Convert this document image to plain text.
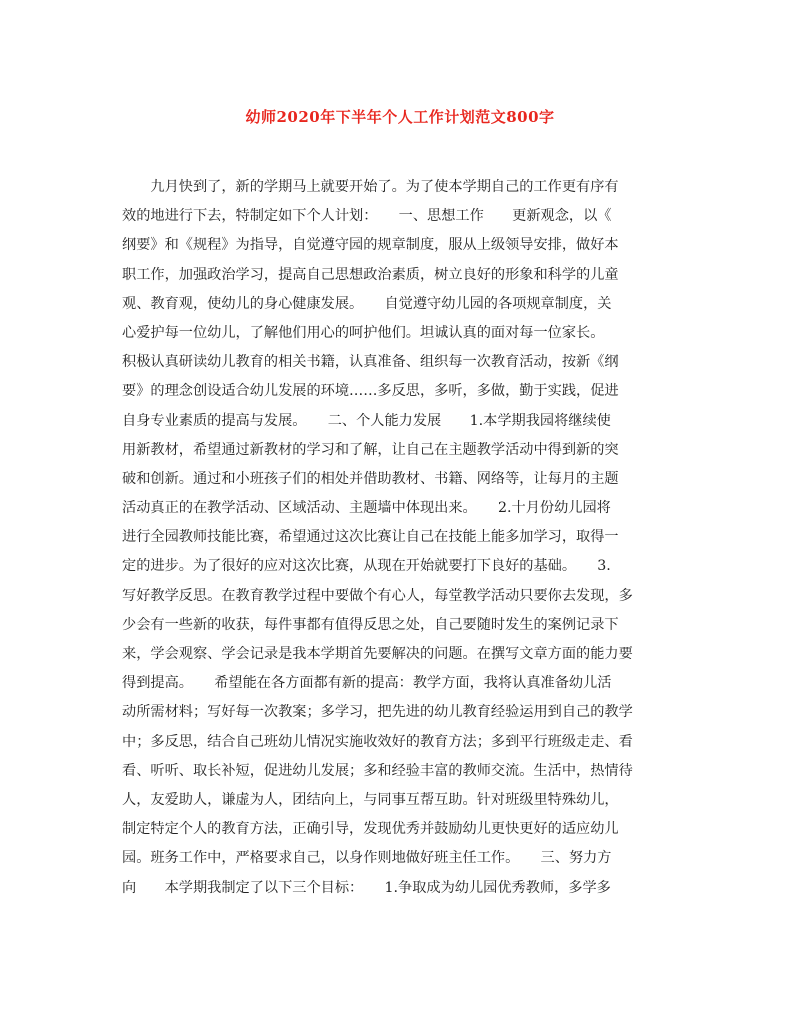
幼师2020年下半年个人工作计划范文800字
　　九月快到了，新的学期马上就要开始了。为了使本学期自己的工作更有序有
效的地进行下去，特制定如下个人计划：　　一、思想工作　　更新观念，以《
纲要》和《规程》为指导，自觉遵守园的规章制度，服从上级领导安排，做好本
职工作，加强政治学习，提高自己思想政治素质，树立良好的形象和科学的儿童
观、教育观，使幼儿的身心健康发展。　　自觉遵守幼儿园的各项规章制度，关
心爱护每一位幼儿，了解他们用心的呵护他们。坦诚认真的面对每一位家长。
积极认真研读幼儿教育的相关书籍，认真准备、组织每一次教育活动，按新《纲
要》的理念创设适合幼儿发展的环境……多反思，多听，多做，勤于实践，促进
自身专业素质的提高与发展。　　二、个人能力发展　　1.本学期我园将继续使
用新教材，希望通过新教材的学习和了解，让自己在主题教学活动中得到新的突
破和创新。通过和小班孩子们的相处并借助教材、书籍、网络等，让每月的主题
活动真正的在教学活动、区域活动、主题墙中体现出来。　　2.十月份幼儿园将
进行全园教师技能比赛，希望通过这次比赛让自己在技能上能多加学习，取得一
定的进步。为了很好的应对这次比赛，从现在开始就要打下良好的基础。　　3.
写好教学反思。在教育教学过程中要做个有心人，每堂教学活动只要你去发现，多
少会有一些新的收获，每件事都有值得反思之处，自己要随时发生的案例记录下
来，学会观察、学会记录是我本学期首先要解决的问题。在撰写文章方面的能力要
得到提高。　　希望能在各方面都有新的提高：教学方面，我将认真准备幼儿活
动所需材料；写好每一次教案；多学习，把先进的幼儿教育经验运用到自己的教学
中；多反思，结合自己班幼儿情况实施收效好的教育方法；多到平行班级走走、看
看、听听、取长补短，促进幼儿发展；多和经验丰富的教师交流。生活中，热情待
人，友爱助人，谦虚为人，团结向上，与同事互帮互助。针对班级里特殊幼儿，
制定特定个人的教育方法，正确引导，发现优秀并鼓励幼儿更快更好的适应幼儿
园。班务工作中，严格要求自己，以身作则地做好班主任工作。　　三、努力方
向　　本学期我制定了以下三个目标：　　1.争取成为幼儿园优秀教师，多学多
